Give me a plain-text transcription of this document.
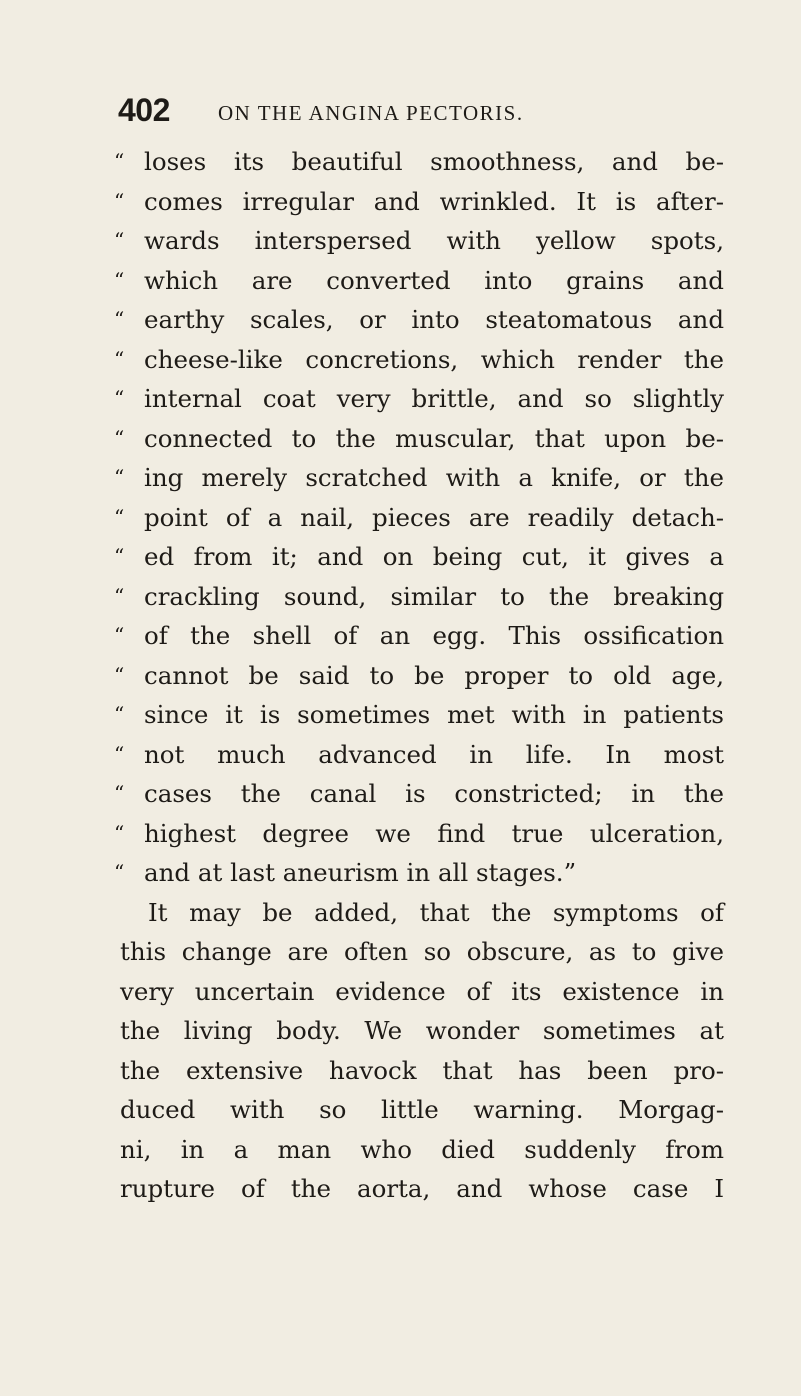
402 ON THE ANGINA PECTORIS.
“ loses its beautiful smoothness, and be-
“ comes irregular and wrinkled. It is after-
“ wards interspersed with yellow spots,
“ which are converted into grains and
“ earthy scales, or into steatomatous and
“ cheese-like concretions, which render the
“ internal coat very brittle, and so slightly
“ connected to the muscular, that upon be-
“ ing merely scratched with a knife, or the
“ point of a nail, pieces are readily detach-
“ ed from it; and on being cut, it gives a
“ crackling sound, similar to the breaking
“ of the shell of an egg. This ossification
“ cannot be said to be proper to old age,
“ since it is sometimes met with in patients
“ not much advanced in life. In most
“ cases the canal is constricted; in the
“ highest degree we find true ulceration,
“ and at last aneurism in all stages.”
It may be added, that the symptoms of
this change are often so obscure, as to give
very uncertain evidence of its existence in
the living body. We wonder sometimes at
the extensive havock that has been pro-
duced with so little warning. Morgag-
ni, in a man who died suddenly from
rupture of the aorta, and whose case I
